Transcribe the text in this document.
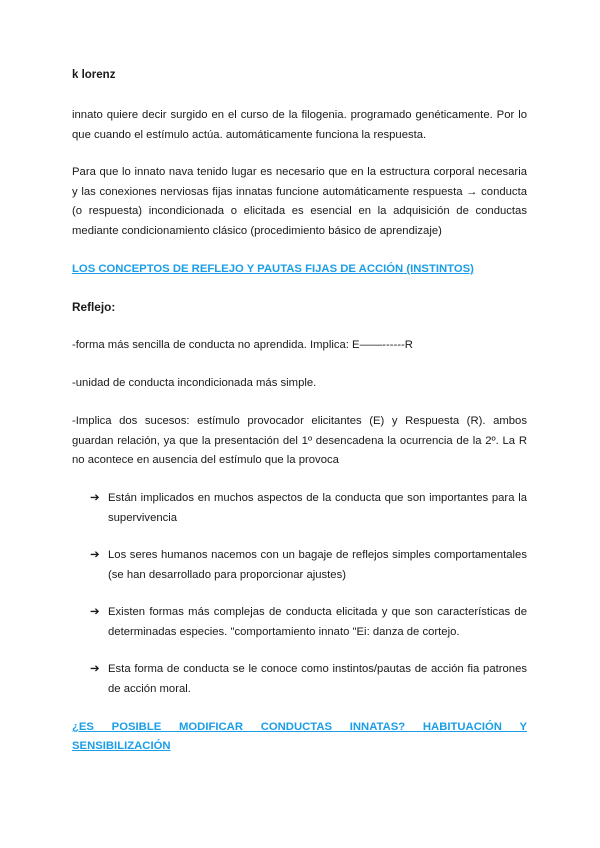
k lorenz
innato quiere decir surgido en el curso de la filogenia. programado genéticamente. Por lo que cuando el estímulo actúa. automáticamente funciona la respuesta.
Para que lo innato nava tenido lugar es necesario que en la estructura corporal necesaria y las conexiones nerviosas fijas innatas funcione automáticamente respuesta → conducta (o respuesta) incondicionada o elicitada es esencial en la adquisición de conductas mediante condicionamiento clásico (procedimiento básico de aprendizaje)
LOS CONCEPTOS DE REFLEJO Y PAUTAS FIJAS DE ACCIÓN (INSTINTOS)
Reflejo:
-forma más sencilla de conducta no aprendida. Implica: E——------R
-unidad de conducta incondicionada más simple.
-Implica dos sucesos: estímulo provocador elicitantes (E) y Respuesta (R). ambos guardan relación, ya que la presentación del 1º desencadena la ocurrencia de la 2º. La R no acontece en ausencia del estímulo que la provoca
➔ Están implicados en muchos aspectos de la conducta que son importantes para la supervivencia
➔ Los seres humanos nacemos con un bagaje de reflejos simples comportamentales (se han desarrollado para proporcionar ajustes)
➔ Existen formas más complejas de conducta elicitada y que son características de determinadas especies. "comportamiento innato "Ei: danza de cortejo.
➔ Esta forma de conducta se le conoce como instintos/pautas de acción fia patrones de acción moral.
¿ES POSIBLE MODIFICAR CONDUCTAS INNATAS? HABITUACIÓN Y
SENSIBILIZACIÓN
